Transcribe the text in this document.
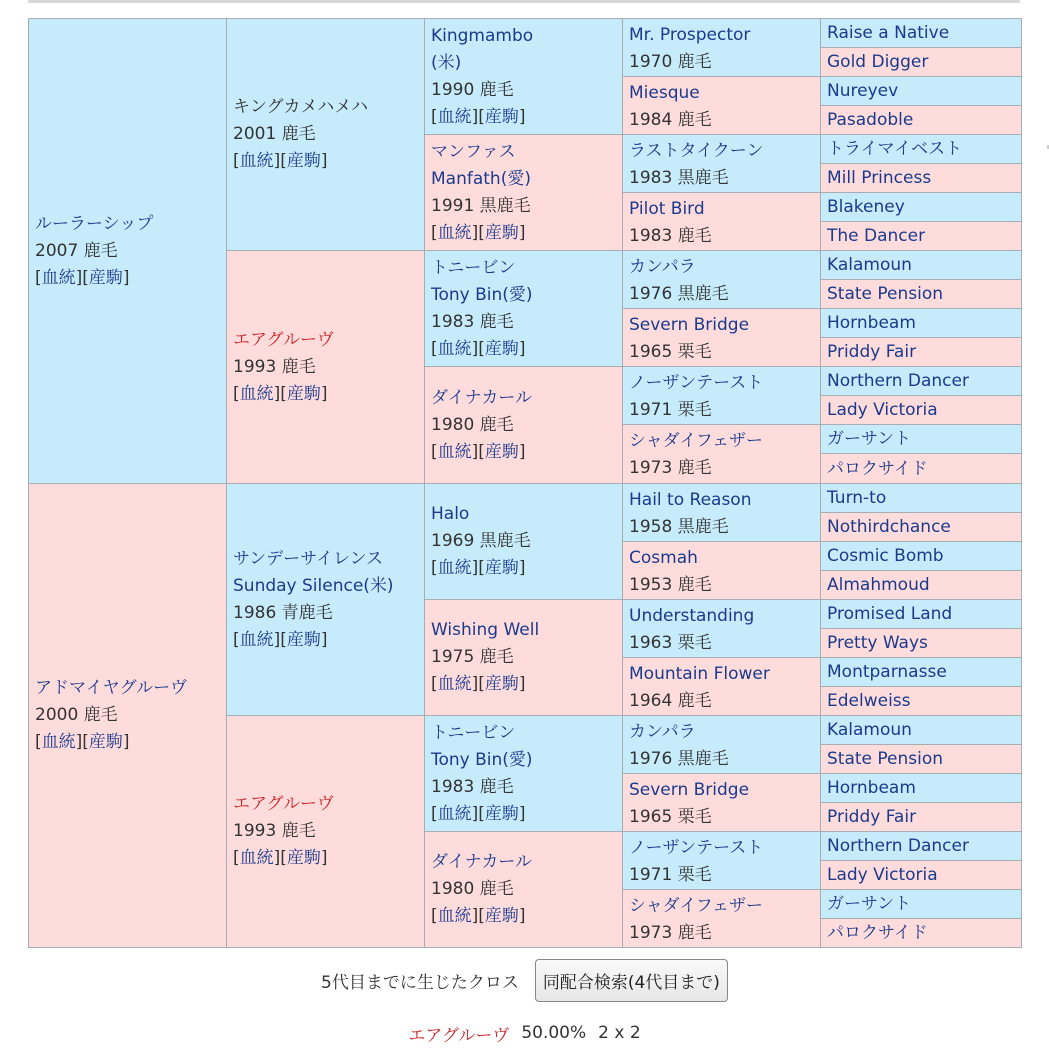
ルーラーシップ
2007 鹿毛
[血統][産駒]
アドマイヤグルーヴ
2000 鹿毛
[血統][産駒]
キングカメハメハ
2001 鹿毛
[血統][産駒]
エアグルーヴ
1993 鹿毛
[血統][産駒]
サンデーサイレンス
Sunday Silence(米)
1986 青鹿毛
[血統][産駒]
エアグルーヴ
1993 鹿毛
[血統][産駒]
Kingmambo
(米)
1990 鹿毛
[血統][産駒]
マンファス
Manfath(愛)
1991 黒鹿毛
[血統][産駒]
トニービン
Tony Bin(愛)
1983 鹿毛
[血統][産駒]
ダイナカール
1980 鹿毛
[血統][産駒]
Halo
1969 黒鹿毛
[血統][産駒]
Wishing Well
1975 鹿毛
[血統][産駒]
トニービン
Tony Bin(愛)
1983 鹿毛
[血統][産駒]
ダイナカール
1980 鹿毛
[血統][産駒]
Mr. Prospector
1970 鹿毛
Miesque
1984 鹿毛
ラストタイクーン
1983 黒鹿毛
Pilot Bird
1983 鹿毛
カンパラ
1976 黒鹿毛
Severn Bridge
1965 栗毛
ノーザンテースト
1971 栗毛
シャダイフェザー
1973 鹿毛
Hail to Reason
1958 黒鹿毛
Cosmah
1953 鹿毛
Understanding
1963 栗毛
Mountain Flower
1964 鹿毛
カンパラ
1976 黒鹿毛
Severn Bridge
1965 栗毛
ノーザンテースト
1971 栗毛
シャダイフェザー
1973 鹿毛
Raise a Native
Gold Digger
Nureyev
Pasadoble
トライマイベスト
Mill Princess
Blakeney
The Dancer
Kalamoun
State Pension
Hornbeam
Priddy Fair
Northern Dancer
Lady Victoria
ガーサント
パロクサイド
Turn-to
Nothirdchance
Cosmic Bomb
Almahmoud
Promised Land
Pretty Ways
Montparnasse
Edelweiss
Kalamoun
State Pension
Hornbeam
Priddy Fair
Northern Dancer
Lady Victoria
ガーサント
パロクサイド
5代目までに生じたクロス	同配合検索(4代目まで)
エアグルーヴ 50.00% 2 x 2
